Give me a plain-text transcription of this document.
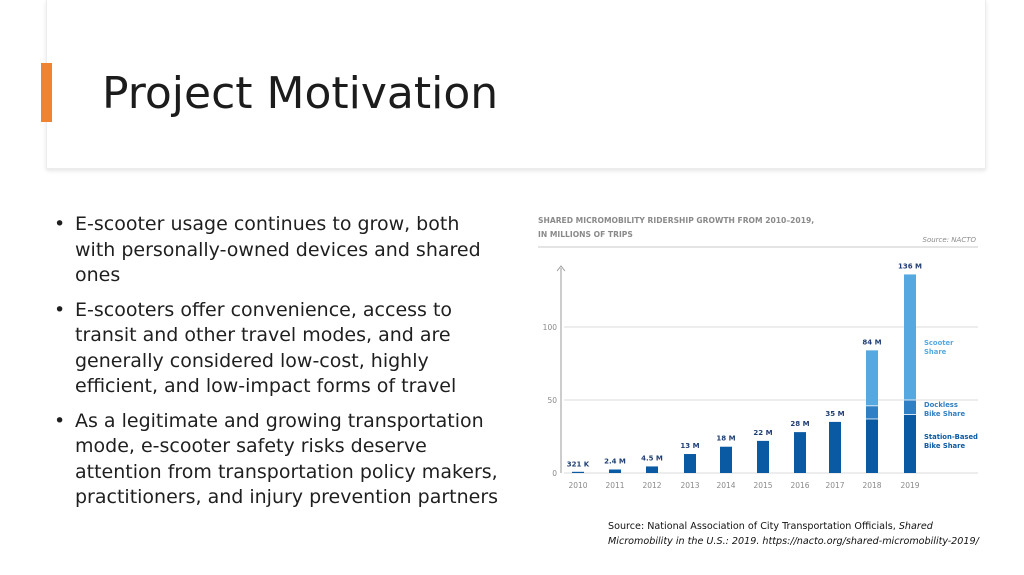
Project Motivation
• E-scooter usage continues to grow, both with personally-owned devices and shared ones
• E-scooters offer convenience, access to transit and other travel modes, and are generally considered low-cost, highly efficient, and low-impact forms of travel
• As a legitimate and growing transportation mode, e-scooter safety risks deserve attention from transportation policy makers, practitioners, and injury prevention partners
SHARED MICROMOBILITY RIDERSHIP GROWTH FROM 2010–2019,
IN MILLIONS OF TRIPS
Source: NACTO
0
50
100
321 K
2010
2.4 M
2011
4.5 M
2012
13 M
2013
18 M
2014
22 M
2015
28 M
2016
35 M
2017
84 M
2018
136 M
2019
Scooter
Share
Dockless
Bike Share
Station-Based
Bike Share
Source: National Association of City Transportation Officials, Shared Micromobility in the U.S.: 2019. https://nacto.org/shared-micromobility-2019/
